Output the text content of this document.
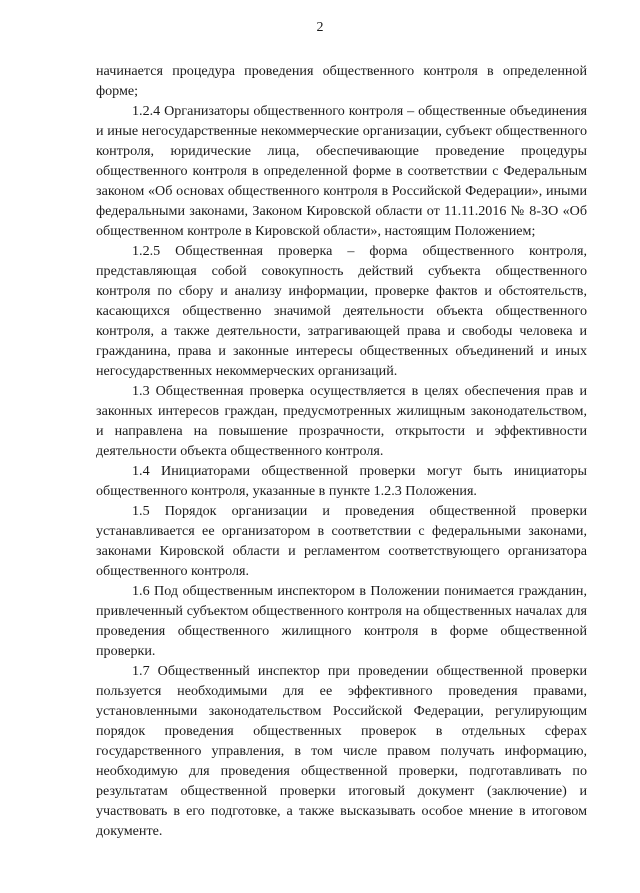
2

начинается процедура проведения общественного контроля в определенной форме;

1.2.4 Организаторы общественного контроля – общественные объединения и иные негосударственные некоммерческие организации, субъект общественного контроля, юридические лица, обеспечивающие проведение процедуры общественного контроля в определенной форме в соответствии с Федеральным законом «Об основах общественного контроля в Российской Федерации», иными федеральными законами, Законом Кировской области от 11.11.2016 № 8-ЗО «Об общественном контроле в Кировской области», настоящим Положением;

1.2.5 Общественная проверка – форма общественного контроля, представляющая собой совокупность действий субъекта общественного контроля по сбору и анализу информации, проверке фактов и обстоятельств, касающихся общественно значимой деятельности объекта общественного контроля, а также деятельности, затрагивающей права и свободы человека и гражданина, права и законные интересы общественных объединений и иных негосударственных некоммерческих организаций.

1.3 Общественная проверка осуществляется в целях обеспечения прав и законных интересов граждан, предусмотренных жилищным законодательством, и направлена на повышение прозрачности, открытости и эффективности деятельности объекта общественного контроля.

1.4 Инициаторами общественной проверки могут быть инициаторы общественного контроля, указанные в пункте 1.2.3 Положения.

1.5 Порядок организации и проведения общественной проверки устанавливается ее организатором в соответствии с федеральными законами, законами Кировской области и регламентом соответствующего организатора общественного контроля.

1.6 Под общественным инспектором в Положении понимается гражданин, привлеченный субъектом общественного контроля на общественных началах для проведения общественного жилищного контроля в форме общественной проверки.

1.7 Общественный инспектор при проведении общественной проверки пользуется необходимыми для ее эффективного проведения правами, установленными законодательством Российской Федерации, регулирующим порядок проведения общественных проверок в отдельных сферах государственного управления, в том числе правом получать информацию, необходимую для проведения общественной проверки, подготавливать по результатам общественной проверки итоговый документ (заключение) и участвовать в его подготовке, а также высказывать особое мнение в итоговом документе.
